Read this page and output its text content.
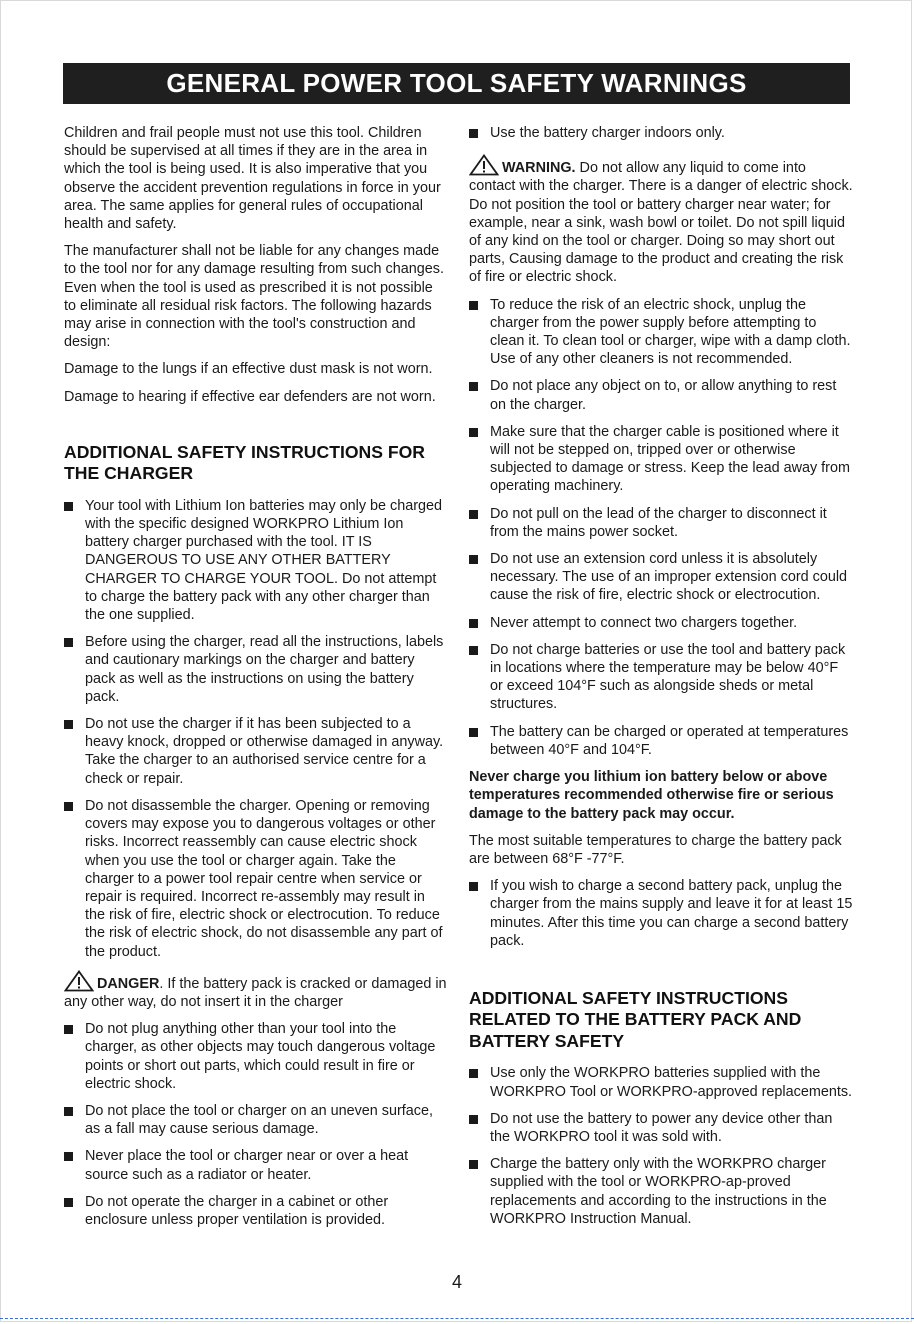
GENERAL POWER TOOL SAFETY WARNINGS

Children and frail people must not use this tool. Children should be supervised at all times if they are in the area in which the tool is being used. It is also imperative that you observe the accident prevention regulations in force in your area. The same applies for general rules of occupational health and safety.

The manufacturer shall not be liable for any changes made to the tool nor for any damage resulting from such changes. Even when the tool is used as prescribed it is not possible to eliminate all residual risk factors. The following hazards may arise in connection with the tool's construction and design:

Damage to the lungs if an effective dust mask is not worn.

Damage to hearing if effective ear defenders are not worn.

ADDITIONAL SAFETY INSTRUCTIONS FOR THE CHARGER
Your tool with Lithium Ion batteries may only be charged with the specific designed WORKPRO Lithium Ion battery charger purchased with the tool. IT IS DANGEROUS TO USE ANY OTHER BATTERY CHARGER TO CHARGE YOUR TOOL. Do not attempt to charge the battery pack with any other charger than the one supplied.
Before using the charger, read all the instructions, labels and cautionary markings on the charger and battery pack as well as the instructions on using the battery pack.
Do not use the charger if it has been subjected to a heavy knock, dropped or otherwise damaged in anyway. Take the charger to an authorised service centre for a check or repair.
Do not disassemble the charger. Opening or removing covers may expose you to dangerous voltages or other risks. Incorrect reassembly can cause electric shock when you use the tool or charger again. Take the charger to a power tool repair centre when service or repair is required. Incorrect re-assembly may result in the risk of fire, electric shock or electrocution. To reduce the risk of electric shock, do not disassemble any part of the product.

DANGER. If the battery pack is cracked or damaged in any other way, do not insert it in the charger

Do not plug anything other than your tool into the charger, as other objects may touch dangerous voltage points or short out parts, which could result in fire or electric shock.
Do not place the tool or charger on an uneven surface, as a fall may cause serious damage.
Never place the tool or charger near or over a heat source such as a radiator or heater.
Do not operate the charger in a cabinet or other enclosure unless proper ventilation is provided.
Use the battery charger indoors only.

WARNING. Do not allow any liquid to come into contact with the charger. There is a danger of electric shock. Do not position the tool or battery charger near water; for example, near a sink, wash bowl or toilet. Do not spill liquid of any kind on the tool or charger. Doing so may short out parts, Causing damage to the product and creating the risk of fire or electric shock.

To reduce the risk of an electric shock, unplug the charger from the power supply before attempting to clean it. To clean tool or charger, wipe with a damp cloth. Use of any other cleaners is not recommended.
Do not place any object on to, or allow anything to rest on the charger.
Make sure that the charger cable is positioned where it will not be stepped on, tripped over or otherwise subjected to damage or stress. Keep the lead away from operating machinery.
Do not pull on the lead of the charger to disconnect it from the mains power socket.
Do not use an extension cord unless it is absolutely necessary. The use of an improper extension cord could cause the risk of fire, electric shock or electrocution.
Never attempt to connect two chargers together.
Do not charge batteries or use the tool and battery pack in locations where the temperature may be below 40°F or exceed 104°F such as alongside sheds or metal structures.
The battery can be charged or operated at temperatures between 40°F and 104°F.

Never charge you lithium ion battery below or above temperatures recommended otherwise fire or serious damage to the battery pack may occur.

The most suitable temperatures to charge the battery pack are between 68°F -77°F.

If you wish to charge a second battery pack, unplug the charger from the mains supply and leave it for at least 15 minutes. After this time you can charge a second battery pack.
ADDITIONAL SAFETY INSTRUCTIONS RELATED TO THE BATTERY PACK AND BATTERY SAFETY
Use only the WORKPRO batteries supplied with the WORKPRO Tool or WORKPRO-approved replacements.
Do not use the battery to power any device other than the WORKPRO tool it was sold with.
Charge the battery only with the WORKPRO charger supplied with the tool or WORKPRO-ap-proved replacements and according to the instructions in the WORKPRO Instruction Manual.
4
